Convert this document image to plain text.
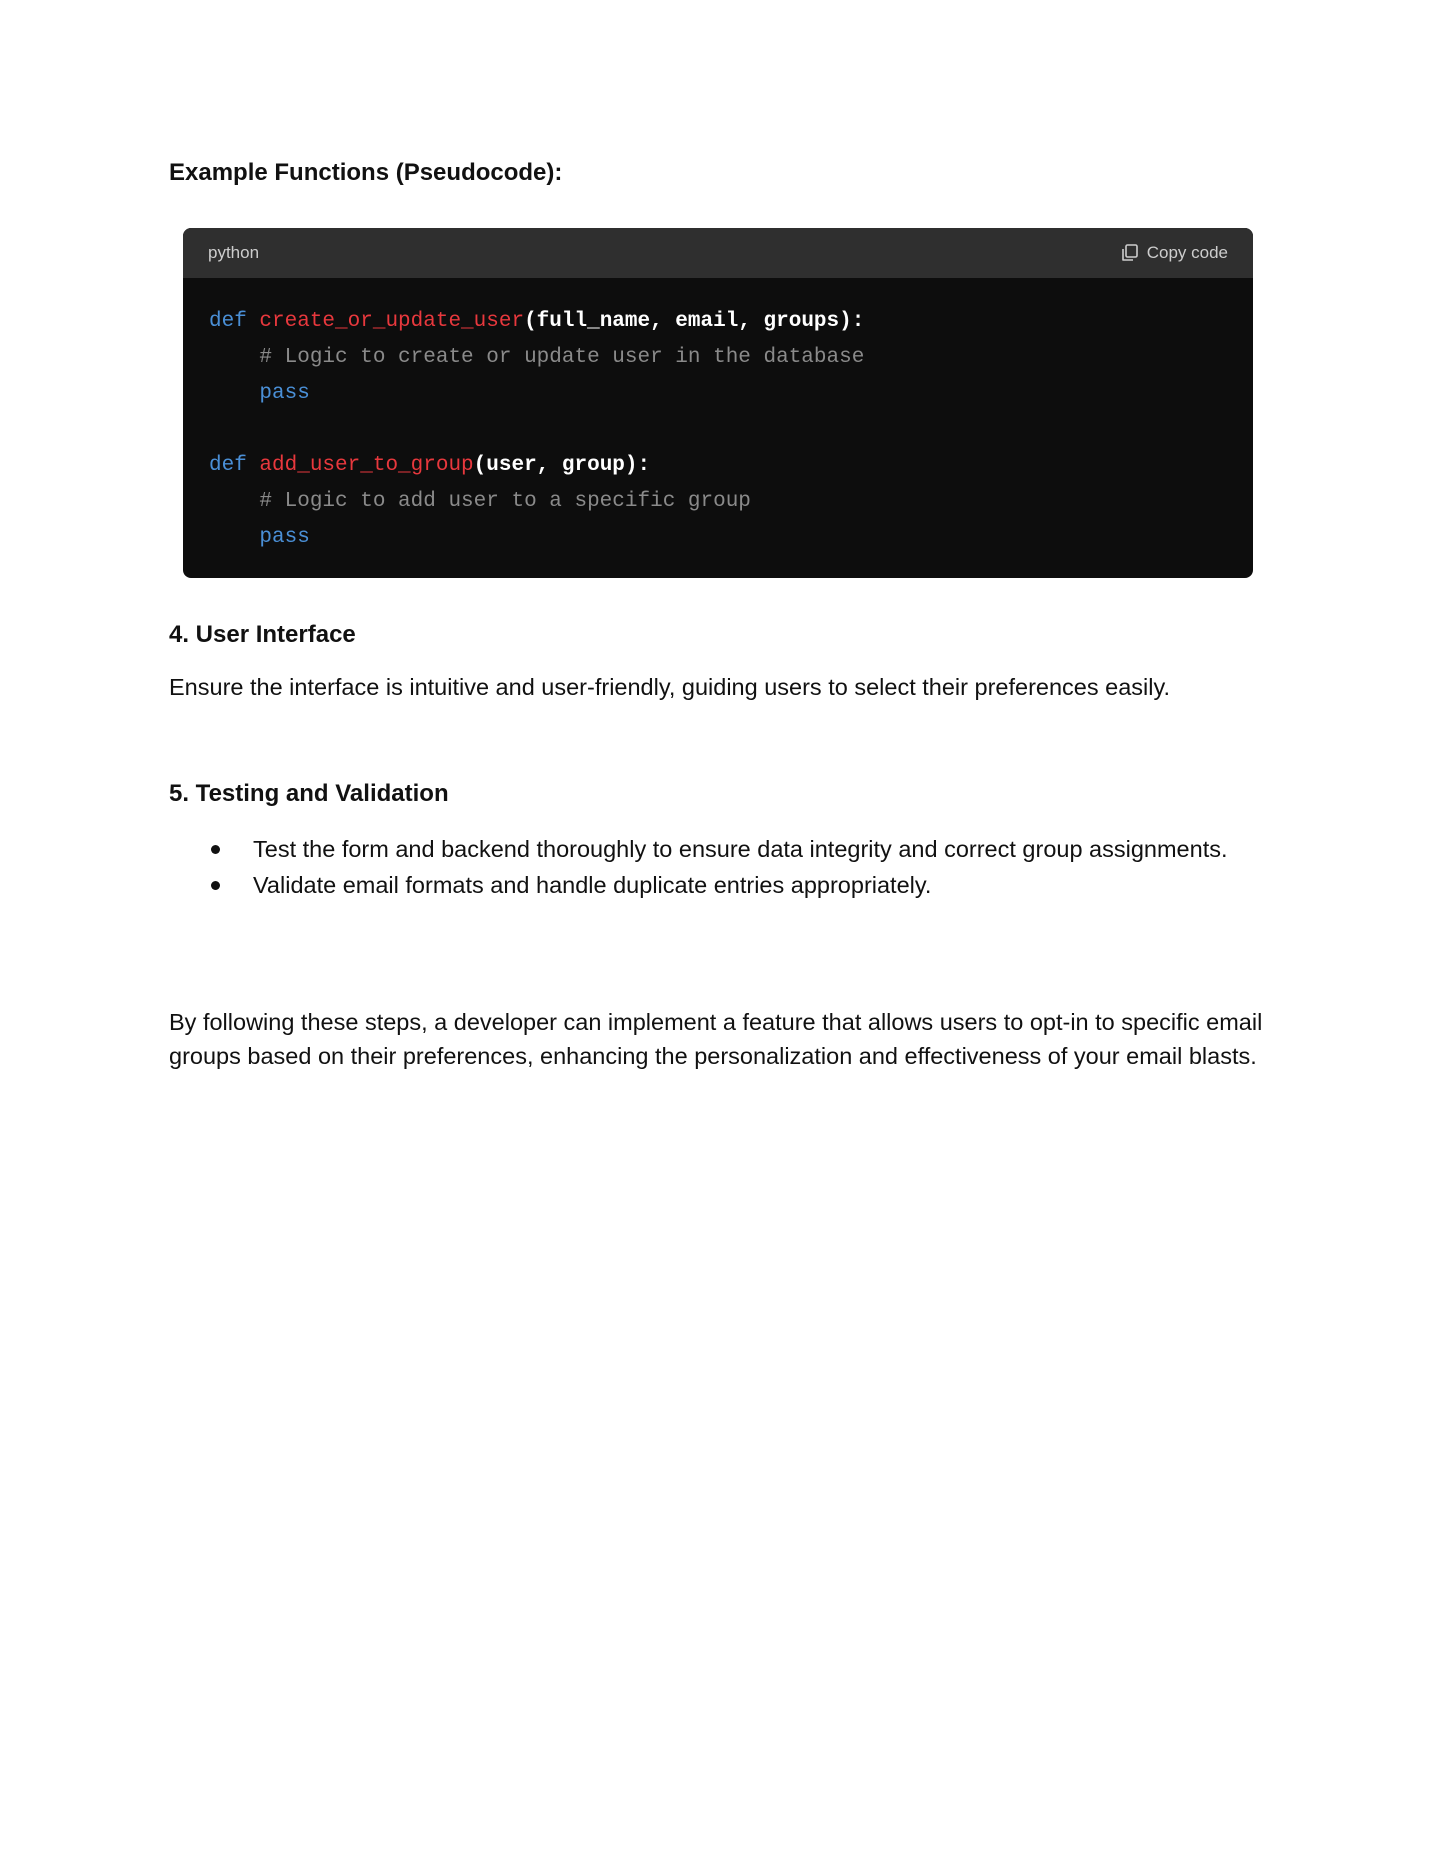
Example Functions (Pseudocode):
python	Copy code
def create_or_update_user(full_name, email, groups):
# Logic to create or update user in the database
pass
def add_user_to_group(user, group):
# Logic to add user to a specific group
pass
4. User Interface

Ensure the interface is intuitive and user-friendly, guiding users to select their preferences easily.

5. Testing and Validation
Test the form and backend thoroughly to ensure data integrity and correct group assignments.
Validate email formats and handle duplicate entries appropriately.

By following these steps, a developer can implement a feature that allows users to opt-in to specific email groups based on their preferences, enhancing the personalization and effectiveness of your email blasts.
